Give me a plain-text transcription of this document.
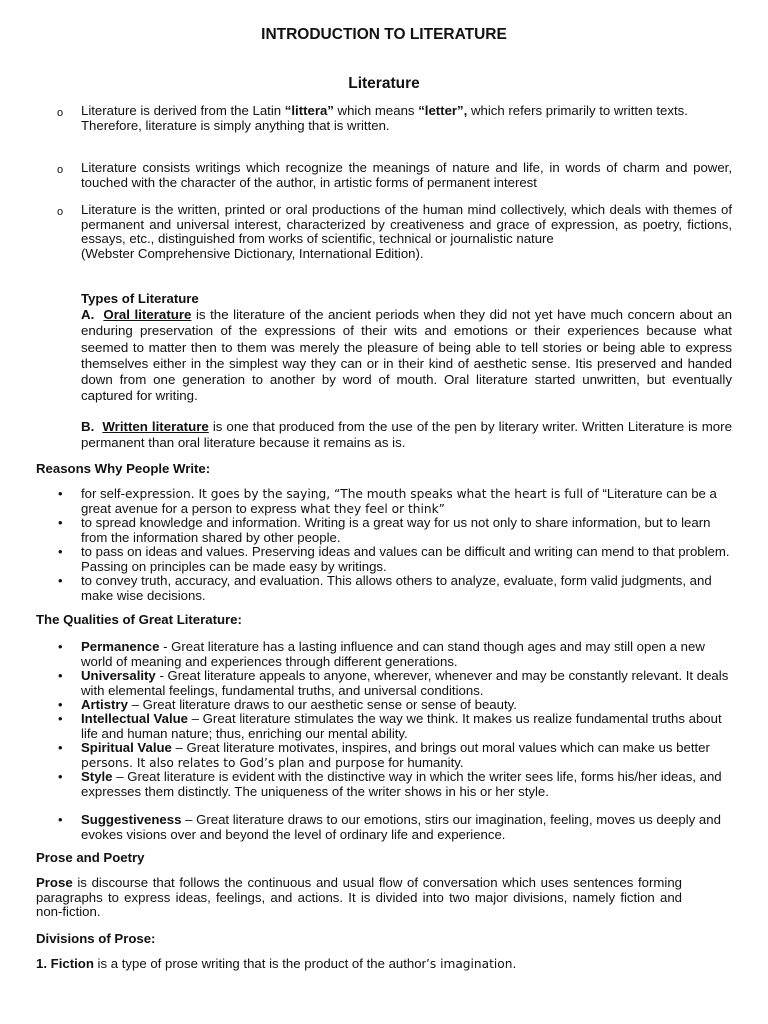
INTRODUCTION TO LITERATURE
Literature
o Literature is derived from the Latin “littera” which means “letter”, which refers primarily to written texts.
Therefore, literature is simply anything that is written.
o Literature consists writings which recognize the meanings of nature and life, in words of charm and power, touched with the character of the author, in artistic forms of permanent interest
o Literature is the written, printed or oral productions of the human mind collectively, which deals with themes of permanent and universal interest, characterized by creativeness and grace of expression, as poetry, fictions, essays, etc., distinguished from works of scientific, technical or journalistic nature
(Webster Comprehensive Dictionary, International Edition).
Types of Literature
A. Oral literature is the literature of the ancient periods when they did not yet have much concern about an enduring preservation of the expressions of their wits and emotions or their experiences because what seemed to matter then to them was merely the pleasure of being able to tell stories or being able to express themselves either in the simplest way they can or in their kind of aesthetic sense. Itis preserved and handed down from one generation to another by word of mouth. Oral literature started unwritten, but eventually captured for writing.
B. Written literature is one that produced from the use of the pen by literary writer. Written Literature is more permanent than oral literature because it remains as is.
Reasons Why People Write:
• for self-expression. It goes by the saying, “The mouth speaks what the heart is full of “Literature can be a great avenue for a person to express what they feel or think”
• to spread knowledge and information. Writing is a great way for us not only to share information, but to learn from the information shared by other people.
• to pass on ideas and values. Preserving ideas and values can be difficult and writing can mend to that problem. Passing on principles can be made easy by writings.
• to convey truth, accuracy, and evaluation. This allows others to analyze, evaluate, form valid judgments, and make wise decisions.
The Qualities of Great Literature:
• Permanence - Great literature has a lasting influence and can stand though ages and may still open a new world of meaning and experiences through different generations.
• Universality - Great literature appeals to anyone, wherever, whenever and may be constantly relevant. It deals with elemental feelings, fundamental truths, and universal conditions.
• Artistry – Great literature draws to our aesthetic sense or sense of beauty.
• Intellectual Value – Great literature stimulates the way we think. It makes us realize fundamental truths about life and human nature; thus, enriching our mental ability.
• Spiritual Value – Great literature motivates, inspires, and brings out moral values which can make us better persons. It also relates to God’s plan and purpose for humanity.
• Style – Great literature is evident with the distinctive way in which the writer sees life, forms his/her ideas, and expresses them distinctly. The uniqueness of the writer shows in his or her style.
• Suggestiveness – Great literature draws to our emotions, stirs our imagination, feeling, moves us deeply and evokes visions over and beyond the level of ordinary life and experience.
Prose and Poetry
Prose is discourse that follows the continuous and usual flow of conversation which uses sentences forming paragraphs to express ideas, feelings, and actions. It is divided into two major divisions, namely fiction and non-fiction.
Divisions of Prose:
1. Fiction is a type of prose writing that is the product of the author’s imagination.
